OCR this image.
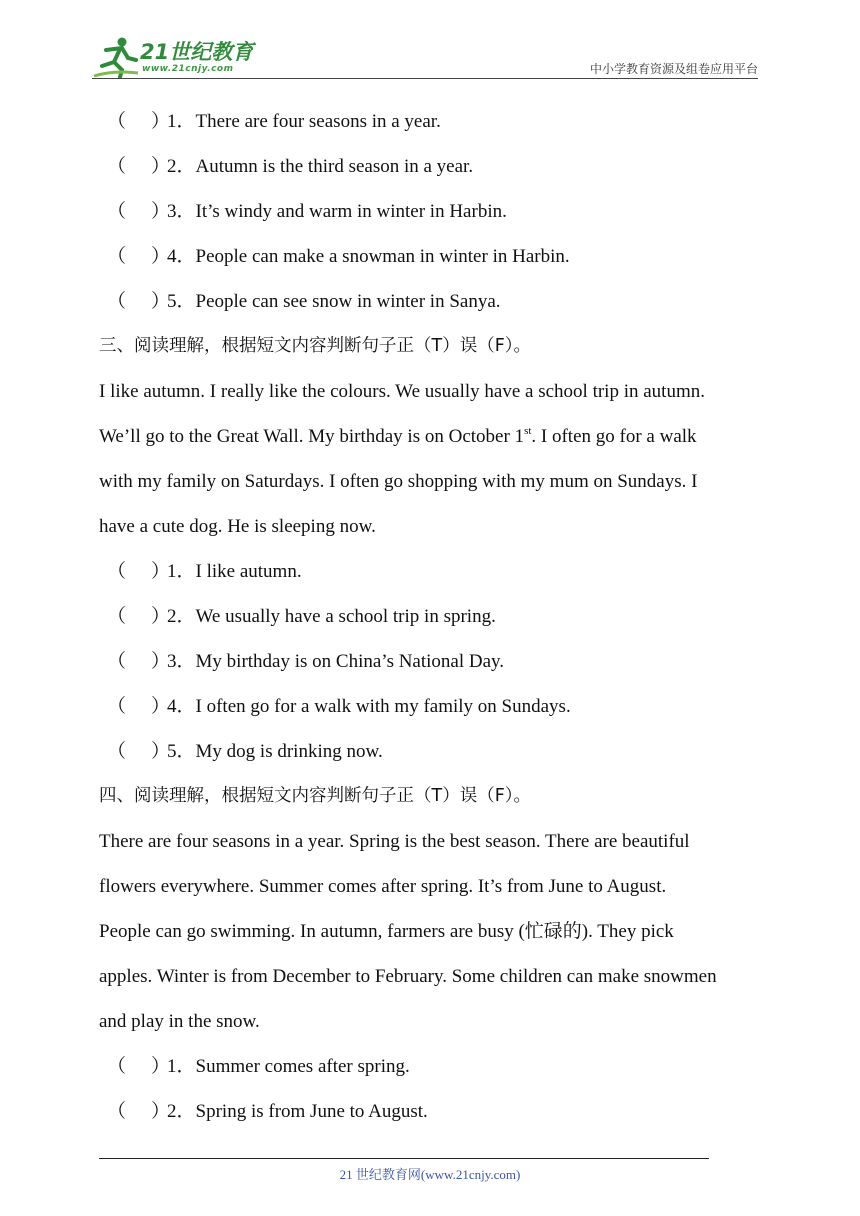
21世纪教育
www.21cnjy.com	中小学教育资源及组卷应用平台
（ ）
1． There are four seasons in a year.
（ ）
2． Autumn is the third season in a year.
（ ）
3． It’s windy and warm in winter in Harbin.
（ ）
4． People can make a snowman in winter in Harbin.
（ ）
5． People can see snow in winter in Sanya.
三、阅读理解，根据短文内容判断句子正（T）误（F）。
I like autumn. I really like the colours. We usually have a school trip in autumn.
We’ll go to the Great Wall. My birthday is on October 1st. I often go for a walk
with my family on Saturdays. I often go shopping with my mum on Sundays. I
have a cute dog. He is sleeping now.
（ ）
1． I like autumn.
（ ）
2． We usually have a school trip in spring.
（ ）
3． My birthday is on China’s National Day.
（ ）
4． I often go for a walk with my family on Sundays.
（ ）
5． My dog is drinking now.
四、阅读理解，根据短文内容判断句子正（T）误（F）。
There are four seasons in a year. Spring is the best season. There are beautiful
flowers everywhere. Summer comes after spring. It’s from June to August.
People can go swimming. In autumn, farmers are busy (忙碌的). They pick
apples. Winter is from December to February. Some children can make snowmen
and play in the snow.
（ ）
1． Summer comes after spring.
（ ）
2． Spring is from June to August.
21 世纪教育网(www.21cnjy.com)
